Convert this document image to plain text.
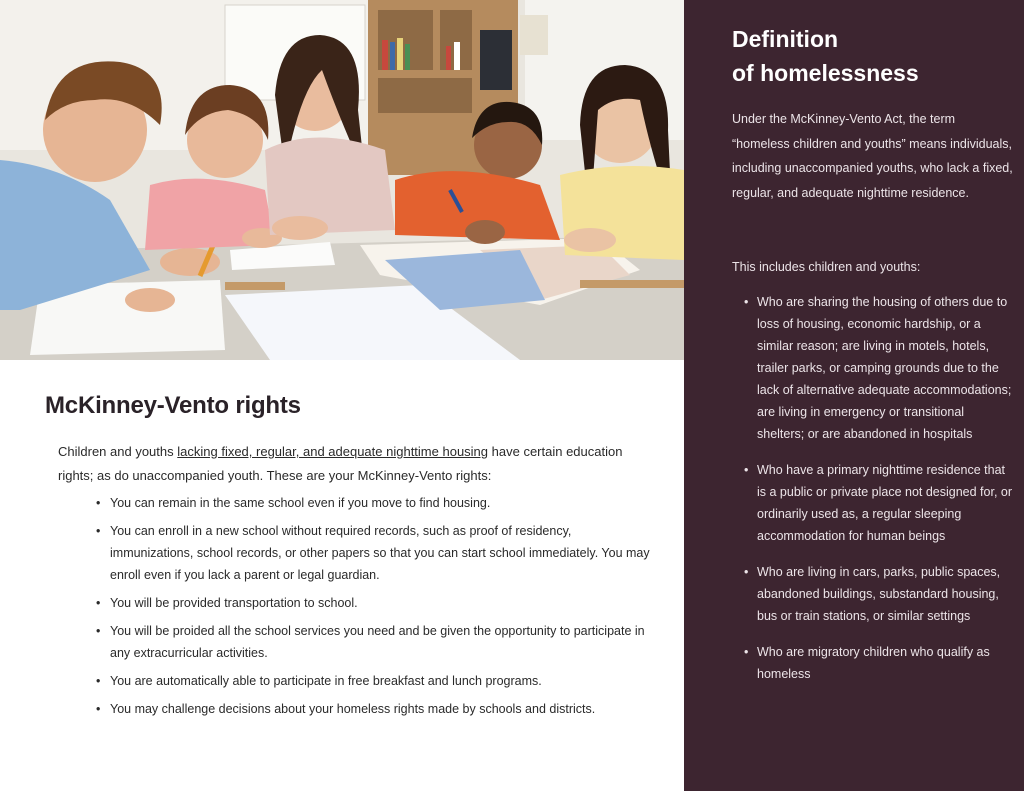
McKinney-Vento rights

Children and youths lacking fixed, regular, and adequate nighttime housing have certain education rights; as do unaccompanied youth. These are your McKinney-Vento rights:

• You can remain in the same school even if you move to find housing.
• You can enroll in a new school without required records, such as proof of residency, immunizations, school records, or other papers so that you can start school immediately. You may enroll even if you lack a parent or legal guardian.
• You will be provided transportation to school.
• You will be proided all the school services you need and be given the opportunity to participate in any extracurricular activities.
• You are automatically able to participate in free breakfast and lunch programs.
• You may challenge decisions about your homeless rights made by schools and districts.
Definition
of homelessness

Under the McKinney-Vento Act, the term “homeless children and youths” means individuals, including unaccompanied youths, who lack a fixed, regular, and adequate nighttime residence.

This includes children and youths:

• Who are sharing the housing of others due to loss of housing, economic hardship, or a similar reason; are living in motels, hotels, trailer parks, or camping grounds due to the lack of alternative adequate accommodations; are living in emergency or transitional shelters; or are abandoned in hospitals
• Who have a primary nighttime residence that is a public or private place not designed for, or ordinarily used as, a regular sleeping accommodation for human beings
• Who are living in cars, parks, public spaces, abandoned buildings, substandard housing, bus or train stations, or similar settings
• Who are migratory children who qualify as homeless
